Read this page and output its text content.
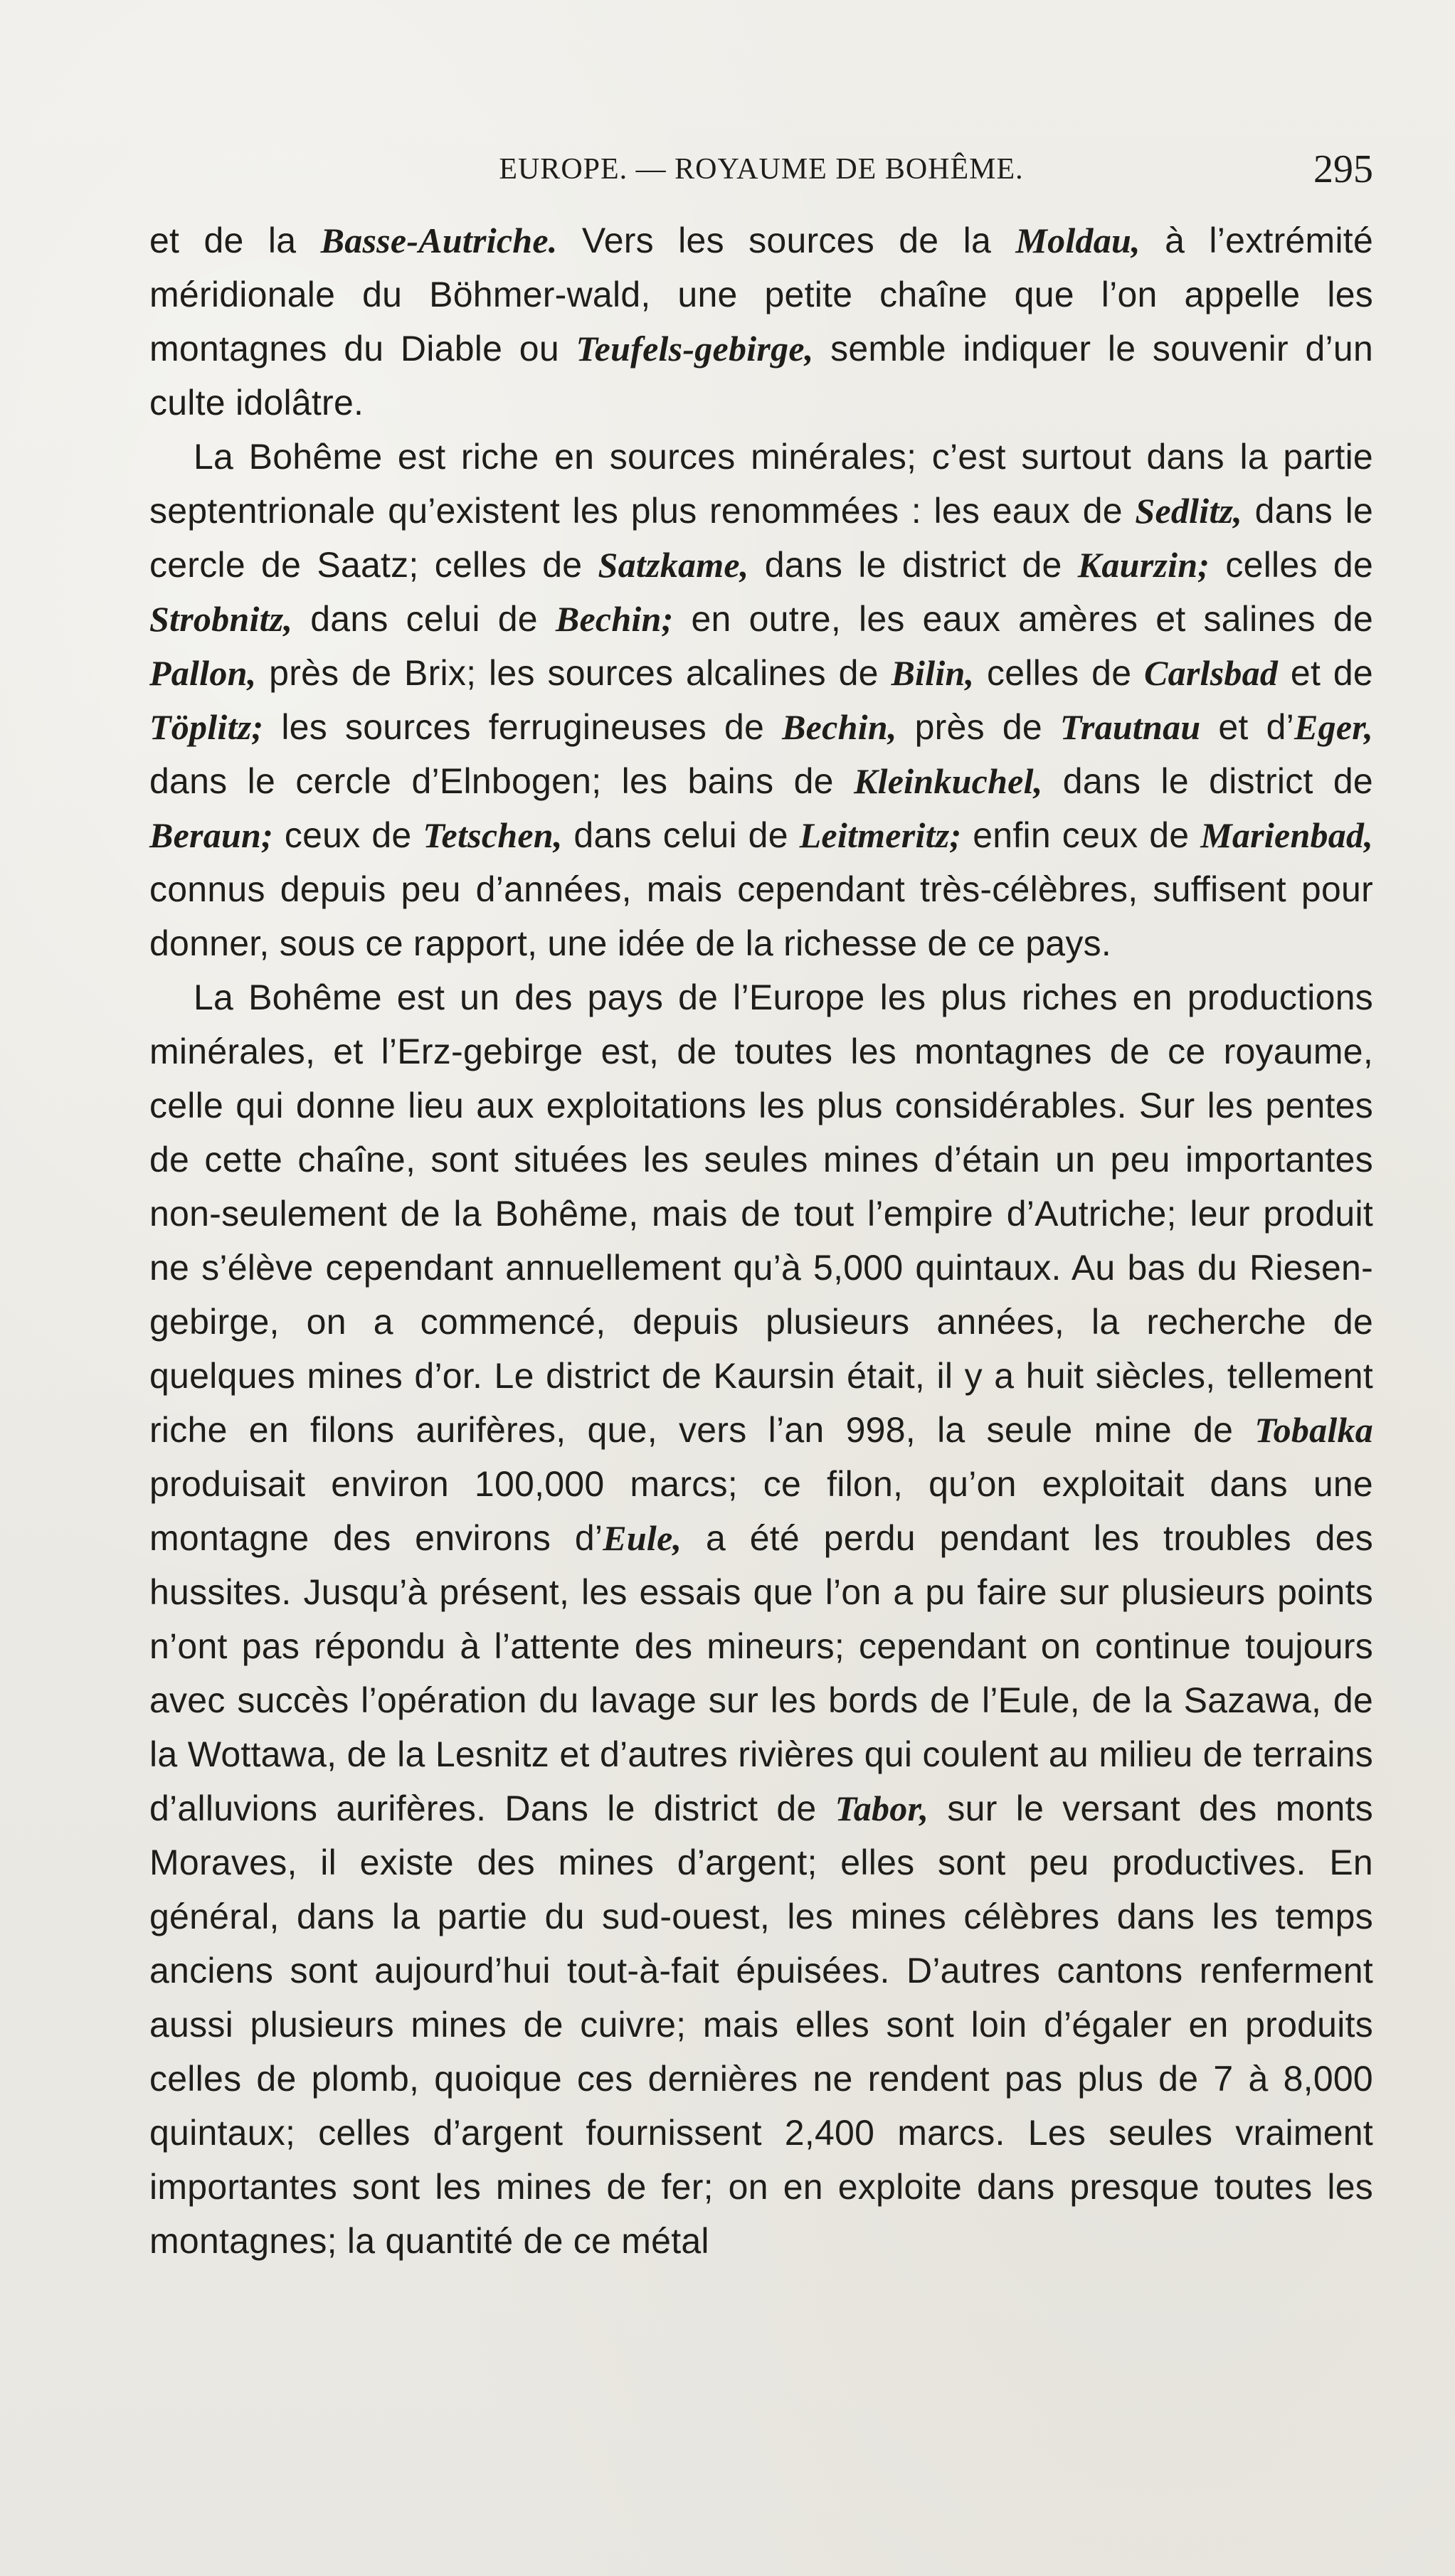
EUROPE. — ROYAUME DE BOHÊME.	295

et de la Basse-Autriche. Vers les sources de la Moldau, à l’extrémité méridionale du Böhmer-wald, une petite chaîne que l’on appelle les montagnes du Diable ou Teufels-gebirge, semble indiquer le souvenir d’un culte idolâtre.

La Bohême est riche en sources minérales; c’est surtout dans la partie septentrionale qu’existent les plus renommées : les eaux de Sedlitz, dans le cercle de Saatz; celles de Satzkame, dans le district de Kaurzin; celles de Strobnitz, dans celui de Bechin; en outre, les eaux amères et salines de Pallon, près de Brix; les sources alcalines de Bilin, celles de Carlsbad et de Töplitz; les sources ferrugineuses de Bechin, près de Trautnau et d’Eger, dans le cercle d’Elnbogen; les bains de Kleinkuchel, dans le district de Beraun; ceux de Tetschen, dans celui de Leitmeritz; enfin ceux de Marienbad, connus depuis peu d’années, mais cependant très-célèbres, suffisent pour donner, sous ce rapport, une idée de la richesse de ce pays.

La Bohême est un des pays de l’Europe les plus riches en productions minérales, et l’Erz-gebirge est, de toutes les montagnes de ce royaume, celle qui donne lieu aux exploitations les plus considérables. Sur les pentes de cette chaîne, sont situées les seules mines d’étain un peu importantes non-seulement de la Bohême, mais de tout l’empire d’Autriche; leur produit ne s’élève cependant annuellement qu’à 5,000 quintaux. Au bas du Riesen-gebirge, on a commencé, depuis plusieurs années, la recherche de quelques mines d’or. Le district de Kaursin était, il y a huit siècles, tellement riche en filons aurifères, que, vers l’an 998, la seule mine de Tobalka produisait environ 100,000 marcs; ce filon, qu’on exploitait dans une montagne des environs d’Eule, a été perdu pendant les troubles des hussites. Jusqu’à présent, les essais que l’on a pu faire sur plusieurs points n’ont pas répondu à l’attente des mineurs; cependant on continue toujours avec succès l’opération du lavage sur les bords de l’Eule, de la Sazawa, de la Wottawa, de la Lesnitz et d’autres rivières qui coulent au milieu de terrains d’alluvions aurifères. Dans le district de Tabor, sur le versant des monts Moraves, il existe des mines d’argent; elles sont peu productives. En général, dans la partie du sud-ouest, les mines célèbres dans les temps anciens sont aujourd’hui tout-à-fait épuisées. D’autres cantons renferment aussi plusieurs mines de cuivre; mais elles sont loin d’égaler en produits celles de plomb, quoique ces dernières ne rendent pas plus de 7 à 8,000 quintaux; celles d’argent fournissent 2,400 marcs. Les seules vraiment importantes sont les mines de fer; on en exploite dans presque toutes les montagnes; la quantité de ce métal
